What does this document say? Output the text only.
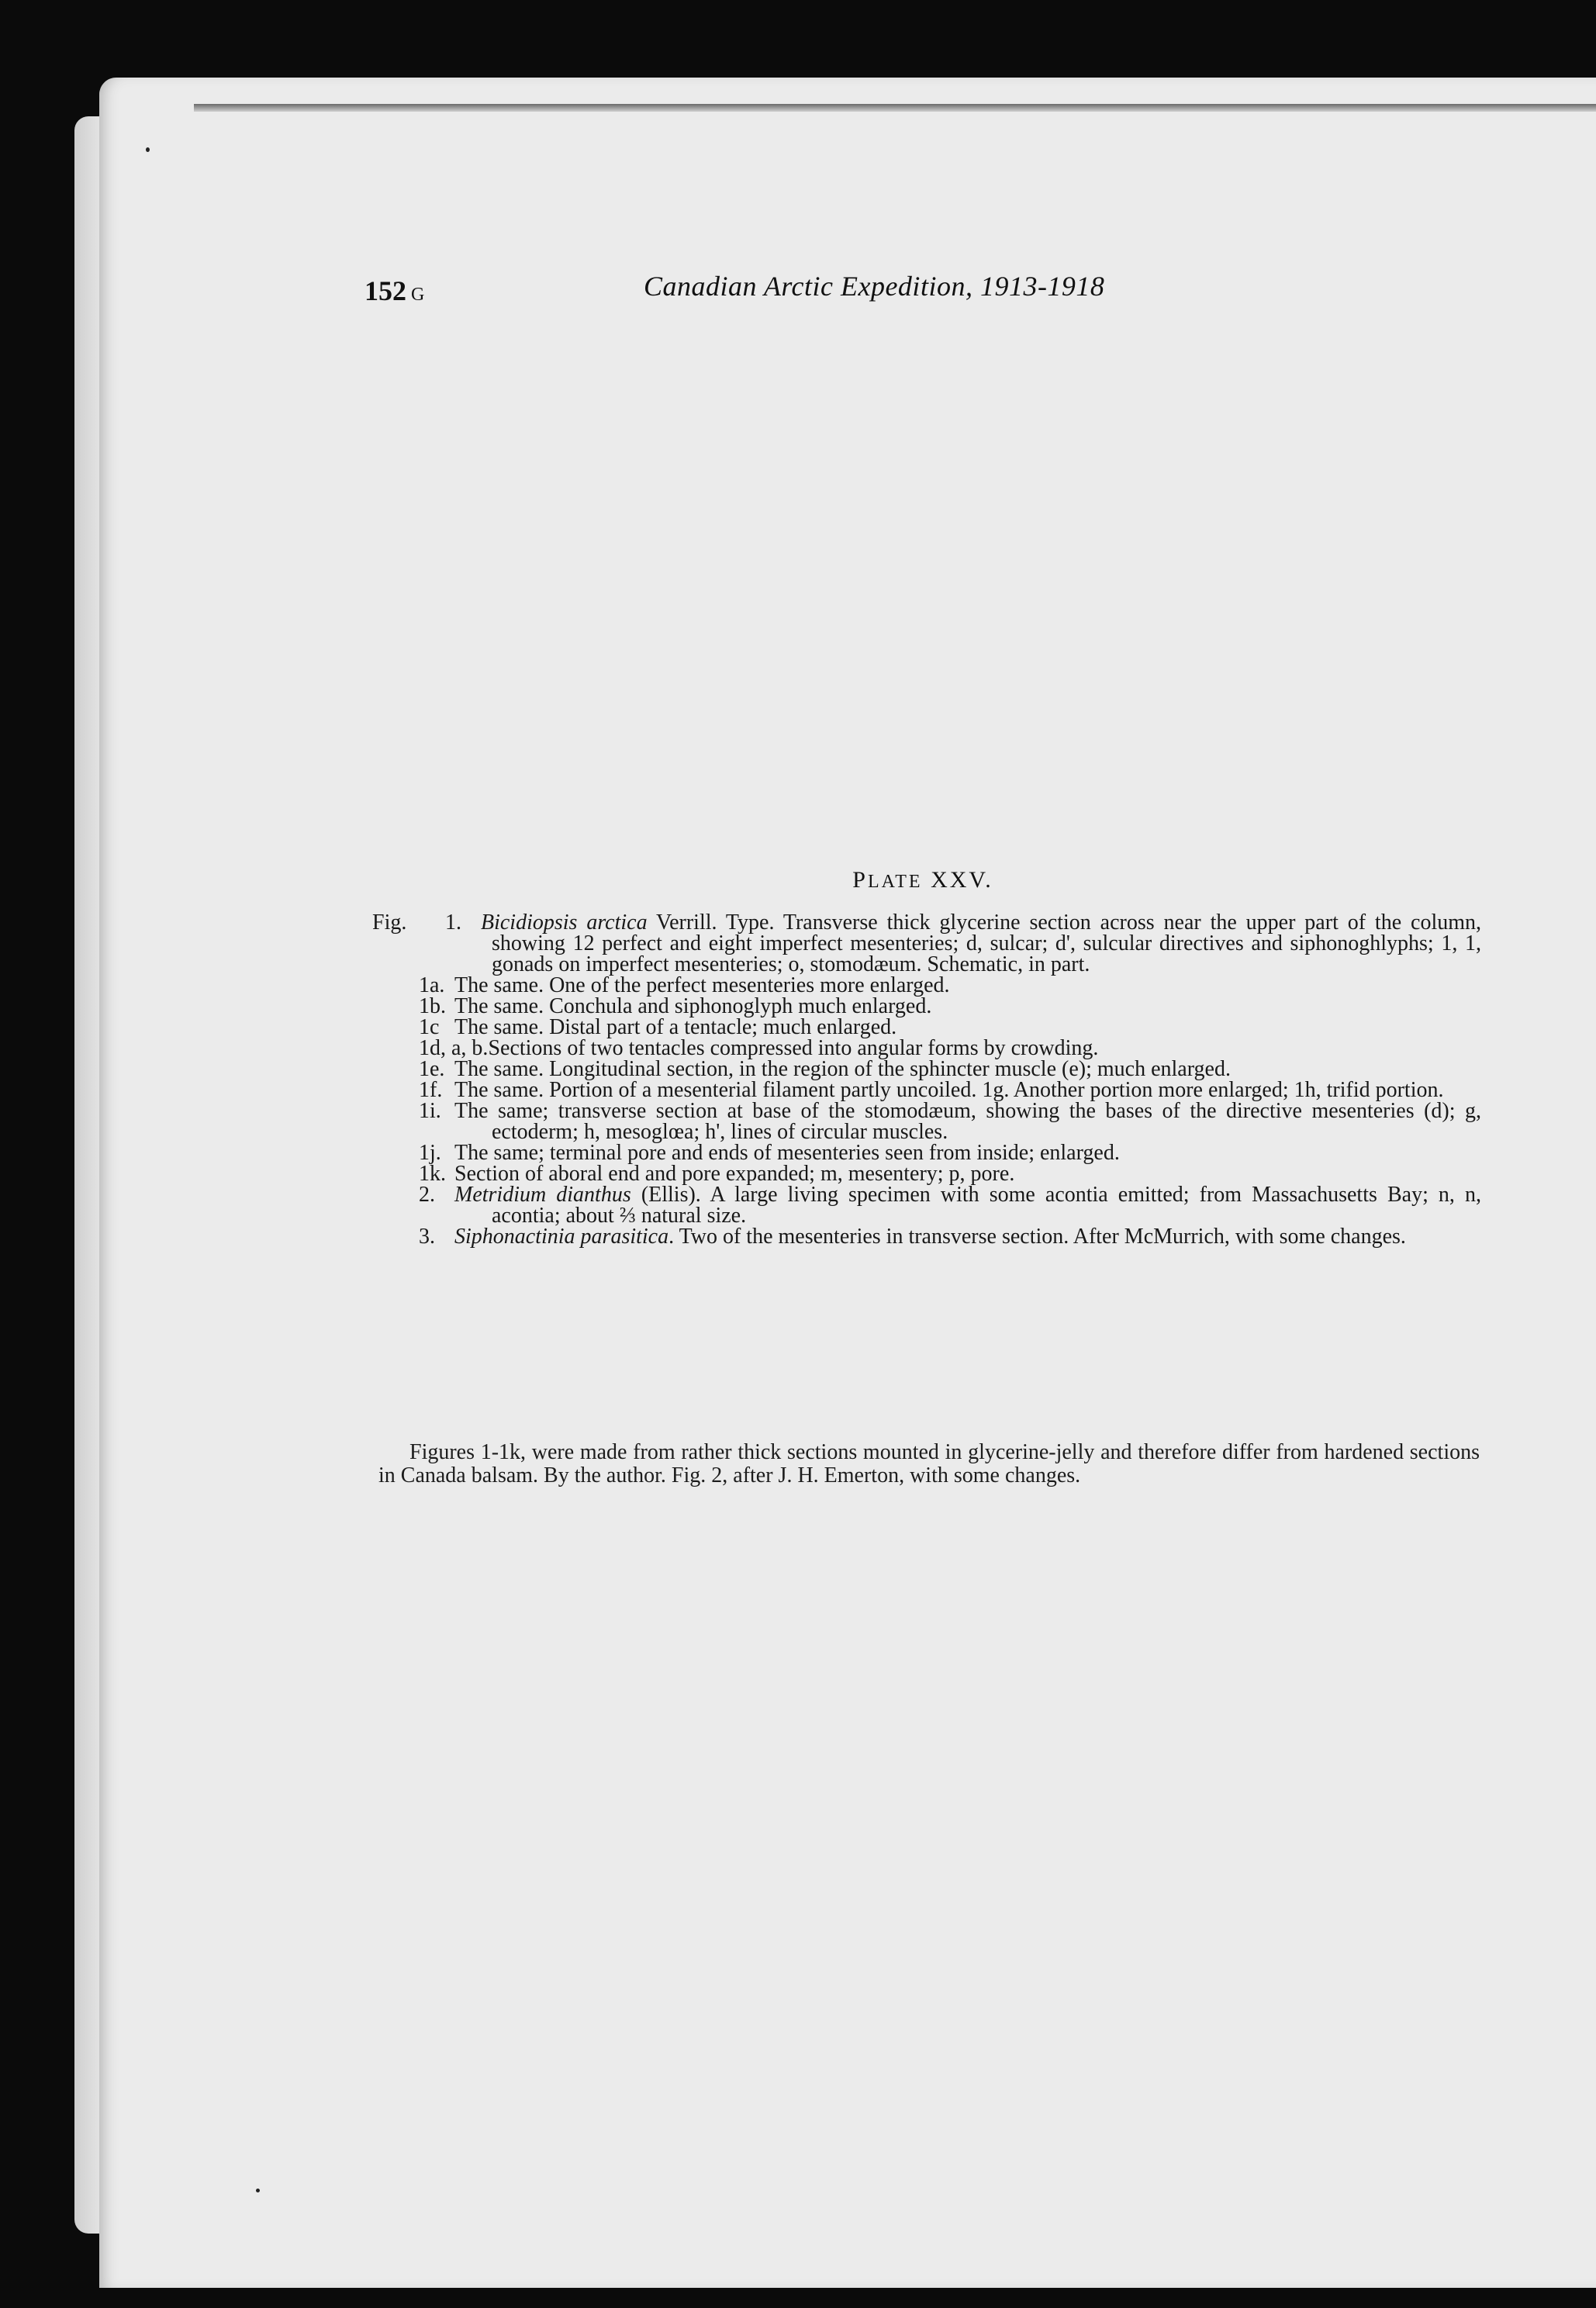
152 G	Canadian Arctic Expedition, 1913-1918
PLATE XXV.
Fig.	1.Bicidiopsis arctica Verrill. Type. Transverse thick glycerine section across near the upper part of the column, showing 12 perfect and eight imperfect mesenteries; d, sulcar; d', sulcular directives and siphonoghlyphs; 1, 1, gonads on imperfect mesenteries; o, stomodæum. Schematic, in part.

1a.The same. One of the perfect mesenteries more enlarged.

1b.The same. Conchula and siphonoglyph much enlarged.

1cThe same. Distal part of a tentacle; much enlarged.

1d, a, b.Sections of two tentacles compressed into angular forms by crowding.

1e.The same. Longitudinal section, in the region of the sphincter muscle (e); much enlarged.

1f.The same. Portion of a mesenterial filament partly uncoiled. 1g. Another portion more enlarged; 1h, trifid portion.

1i.The same; transverse section at base of the stomodæum, showing the bases of the directive mesenteries (d); g, ectoderm; h, mesoglœa; h', lines of circular muscles.

1j.The same; terminal pore and ends of mesenteries seen from inside; enlarged.

1k.Section of aboral end and pore expanded; m, mesentery; p, pore.

2.Metridium dianthus (Ellis). A large living specimen with some acontia emitted; from Massachusetts Bay; n, n, acontia; about ⅔ natural size.

3.Siphonactinia parasitica. Two of the mesenteries in transverse section. After McMurrich, with some changes.

Figures 1-1k, were made from rather thick sections mounted in glycerine-jelly and therefore differ from hardened sections in Canada balsam. By the author. Fig. 2, after J. H. Emerton, with some changes.
